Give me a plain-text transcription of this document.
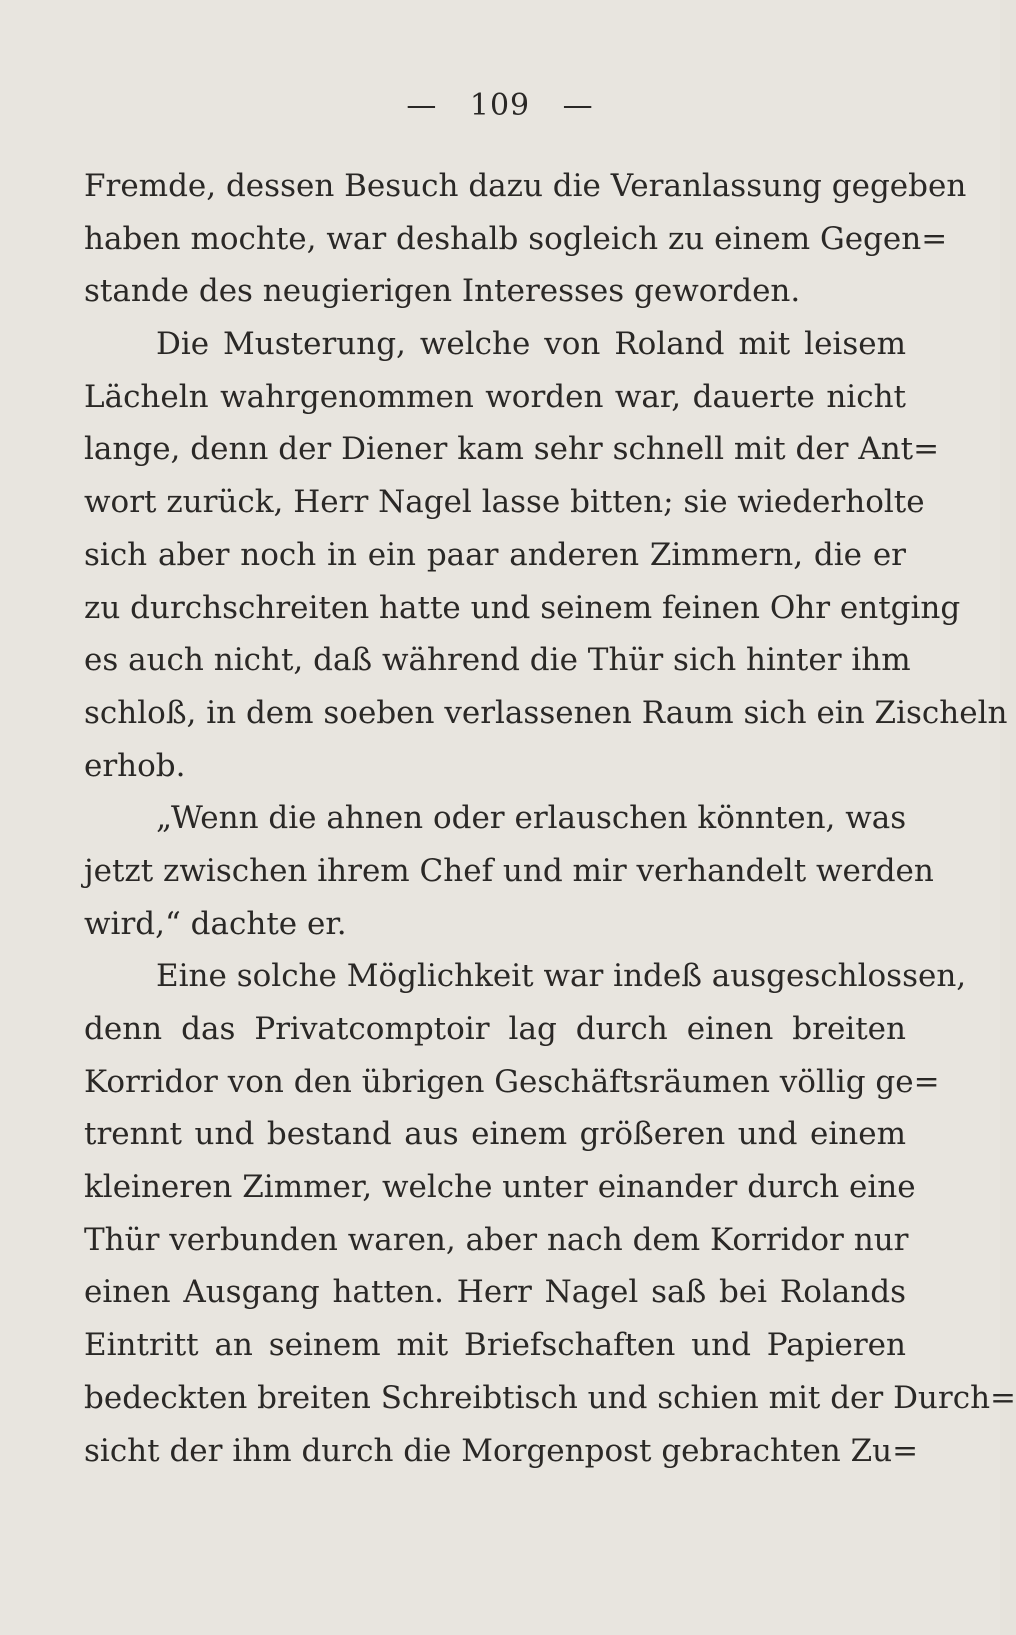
— 109 —
Fremde, dessen Besuch dazu die Veranlassung gegeben
haben mochte, war deshalb sogleich zu einem Gegen=
stande des neugierigen Interesses geworden.
Die Musterung, welche von Roland mit leisem
Lächeln wahrgenommen worden war, dauerte nicht
lange, denn der Diener kam sehr schnell mit der Ant=
wort zurück, Herr Nagel lasse bitten; sie wiederholte
sich aber noch in ein paar anderen Zimmern, die er
zu durchschreiten hatte und seinem feinen Ohr entging
es auch nicht, daß während die Thür sich hinter ihm
schloß, in dem soeben verlassenen Raum sich ein Zischeln
erhob.
„Wenn die ahnen oder erlauschen könnten, was
jetzt zwischen ihrem Chef und mir verhandelt werden
wird,“ dachte er.
Eine solche Möglichkeit war indeß ausgeschlossen,
denn das Privatcomptoir lag durch einen breiten
Korridor von den übrigen Geschäftsräumen völlig ge=
trennt und bestand aus einem größeren und einem
kleineren Zimmer, welche unter einander durch eine
Thür verbunden waren, aber nach dem Korridor nur
einen Ausgang hatten. Herr Nagel saß bei Rolands
Eintritt an seinem mit Briefschaften und Papieren
bedeckten breiten Schreibtisch und schien mit der Durch=
sicht der ihm durch die Morgenpost gebrachten Zu=
